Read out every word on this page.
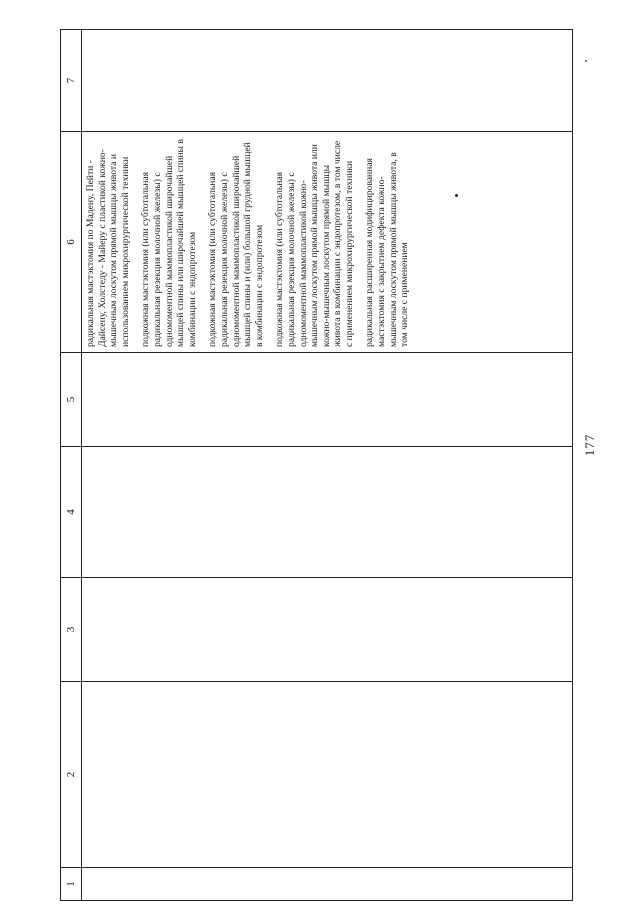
177
1	2	3	4	5	6	7

					радикальная мастэктомия по Мадену, Пейти - Дайсену, Холстеду - Майеру с пластикой кожно-мышечным лоскутом прямой мышцы живота и использованием микрохирургической техники подкожная мастэктомия (или субтотальная радикальная резекция молочной железы) с одномоментной маммопластикой широчайшей мышцей спины или широчайшей мышцей спины в комбинации с эндопротезом подкожная мастэктомия (или субтотальная радикальная резекция молочной железы) с одномоментной маммопластикой широчайшей мышцей спины и (или) большой грудной мышцей в комбинации с эндопротезом подкожная мастэктомия (или субтотальная радикальная резекция молочной железы) с одномоментной маммопластикой кожно-мышечным лоскутом прямой мышцы живота или кожно-мышечным лоскутом прямой мышцы живота в комбинации с эндопротезом, в том числе с применением микрохирургической техники радикальная расширенная модифицированная мастэктомия с закрытием дефекта кожно-мышечным лоскутом прямой мышцы живота, в том числе с применением	
